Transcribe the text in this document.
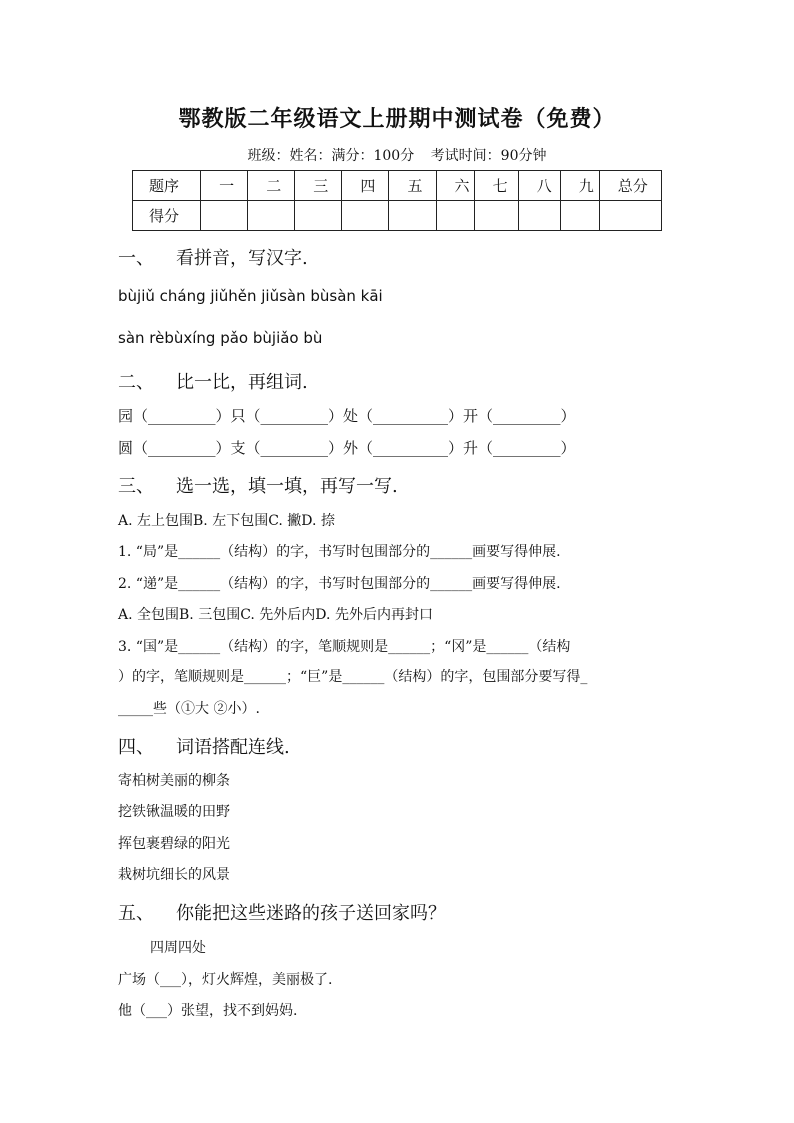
鄂教版二年级语文上册期中测试卷（免费）
班级：姓名：满分：100分 考试时间：90分钟
题序	一	二	三	四	五	六	七	八	九	总分
得分										
一、 看拼音，写汉字.
bùjiǔ cháng jiǔhěn jiǔsàn bùsàn kāi
sàn rèbùxíng pǎo bùjiǎo bù
二、 比一比，再组词.
园（_________）只（_________）处（__________）开（_________）
圆（_________）支（_________）外（__________）升（_________）
三、 选一选，填一填，再写一写.
A. 左上包围B. 左下包围C. 撇D. 捺
1. “局”是______（结构）的字，书写时包围部分的______画要写得伸展.
2. “递”是______（结构）的字，书写时包围部分的______画要写得伸展.
A. 全包围B. 三包围C. 先外后内D. 先外后内再封口
3. “国”是______（结构）的字，笔顺规则是______；“冈”是______（结构
）的字，笔顺规则是______；“巨”是______（结构）的字，包围部分要写得_
_____些（①大 ②小）.
四、 词语搭配连线.
寄柏树美丽的柳条
挖铁锹温暖的田野
挥包裹碧绿的阳光
栽树坑细长的风景
五、 你能把这些迷路的孩子送回家吗？
四周四处
广场（___），灯火辉煌，美丽极了.
他（___）张望，找不到妈妈.
